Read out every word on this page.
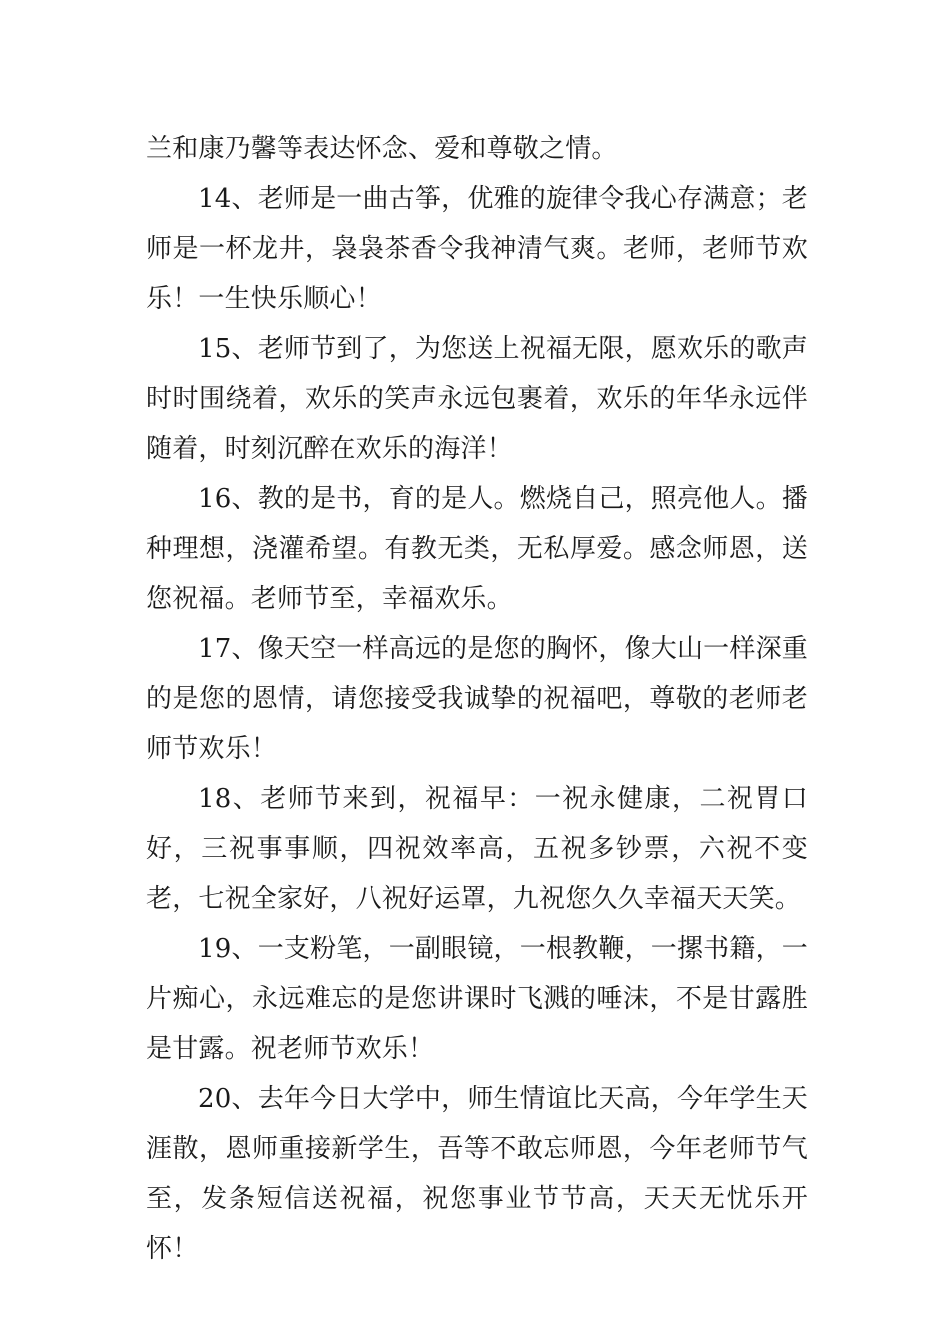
兰和康乃馨等表达怀念、爱和尊敬之情。

14、老师是一曲古筝，优雅的旋律令我心存满意；老师是一杯龙井，袅袅茶香令我神清气爽。老师，老师节欢乐！一生快乐顺心！

15、老师节到了，为您送上祝福无限，愿欢乐的歌声时时围绕着，欢乐的笑声永远包裹着，欢乐的年华永远伴随着，时刻沉醉在欢乐的海洋！

16、教的是书，育的是人。燃烧自己，照亮他人。播种理想，浇灌希望。有教无类，无私厚爱。感念师恩，送您祝福。老师节至，幸福欢乐。

17、像天空一样高远的是您的胸怀，像大山一样深重的是您的恩情，请您接受我诚挚的祝福吧，尊敬的老师老师节欢乐！

18、老师节来到，祝福早：一祝永健康，二祝胃口好，三祝事事顺，四祝效率高，五祝多钞票，六祝不变老，七祝全家好，八祝好运罩，九祝您久久幸福天天笑。

19、一支粉笔，一副眼镜，一根教鞭，一摞书籍，一片痴心，永远难忘的是您讲课时飞溅的唾沫，不是甘露胜是甘露。祝老师节欢乐！

20、去年今日大学中，师生情谊比天高，今年学生天涯散，恩师重接新学生，吾等不敢忘师恩，今年老师节气至，发条短信送祝福，祝您事业节节高，天天无忧乐开怀！
